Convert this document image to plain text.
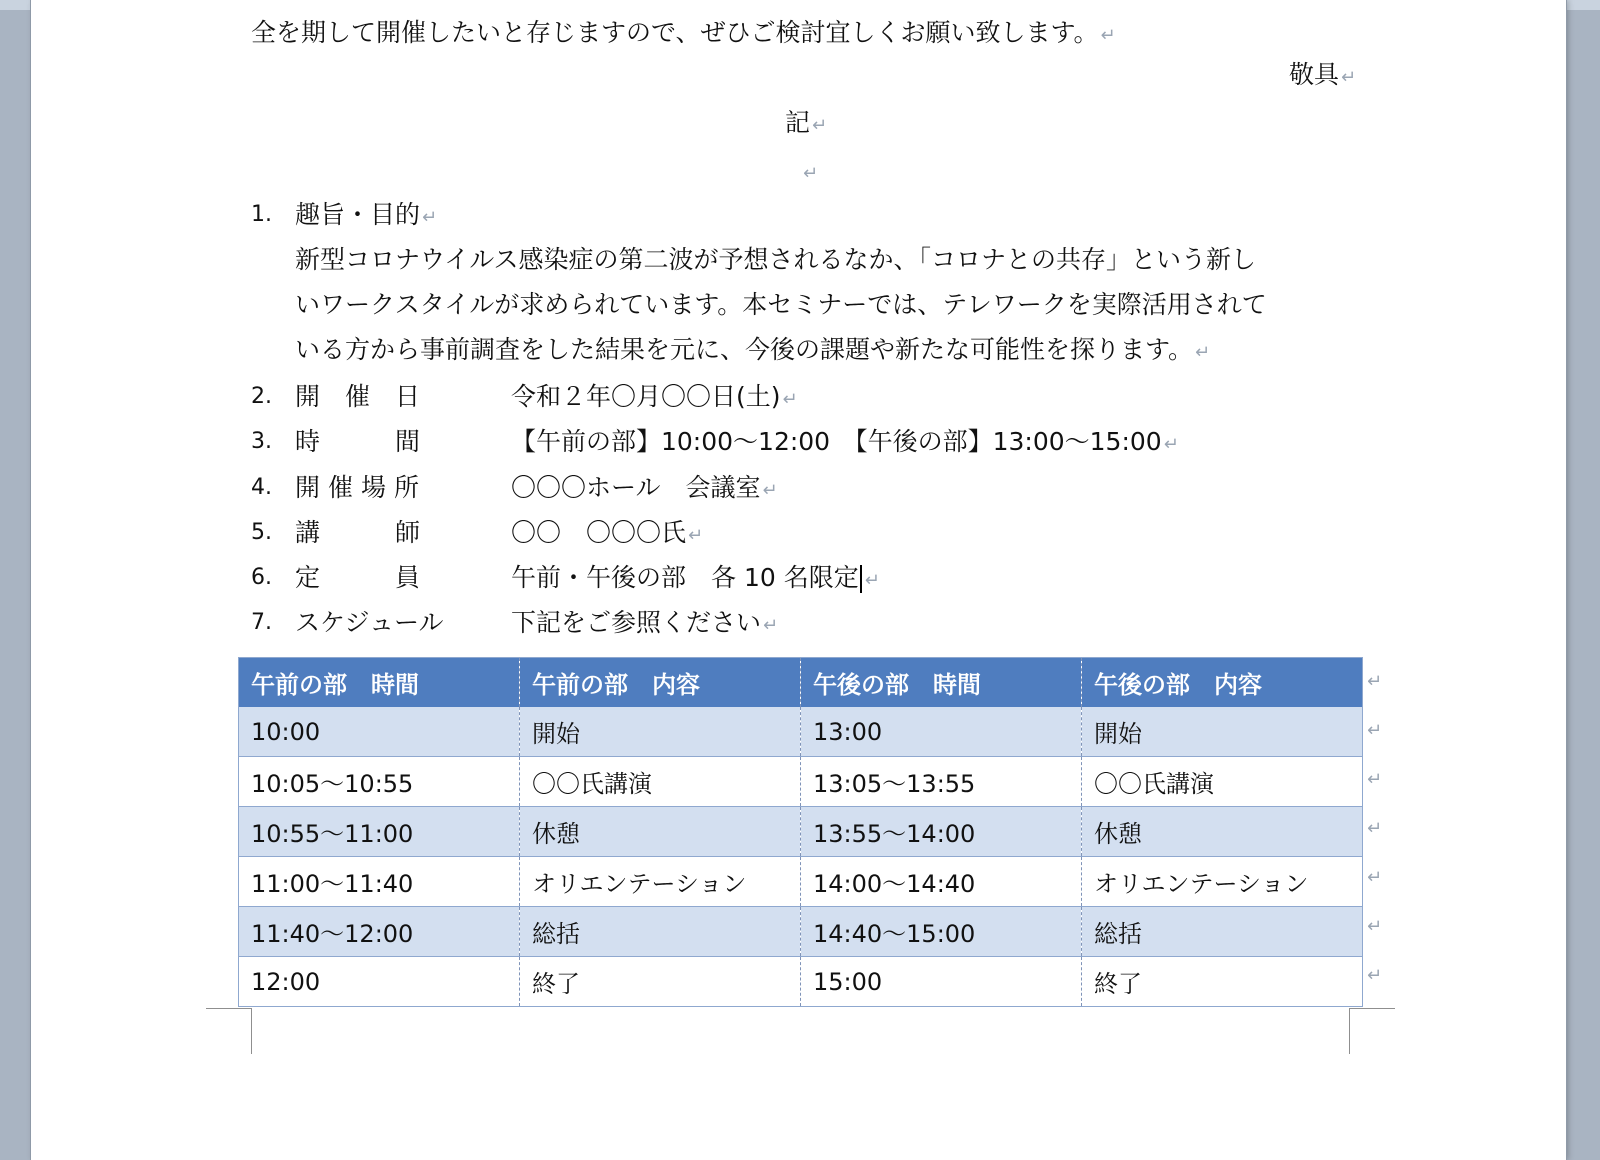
全を期して開催したいと存じますので、ぜひご検討宜しくお願い致します。 ↵
敬具 ↵
記 ↵
↵
1. 趣旨・目的 ↵
新型コロナウイルス感染症の第二波が予想されるなか、「コロナとの共存」という新し
いワークスタイルが求められています。本セミナーでは、テレワークを実際活用されて
いる方から事前調査をした結果を元に、今後の課題や新たな可能性を探ります。 ↵
2. 開　催　日	令和２年〇月〇〇日(土) ↵
3. 時　　　間	【午前の部】10:00～12:00　【午後の部】13:00～15:00 ↵
4. 開催場所	〇〇〇ホール　会議室 ↵
5. 講　　　師	〇〇　〇〇〇氏 ↵
6. 定　　　員	午前・午後の部　各 10 名限定 ↵
7. スケジュール	下記をご参照ください ↵
午前の部　時間	午前の部　内容	午後の部　時間	午後の部　内容
10:00	開始	13:00	開始
10:05～10:55	〇〇氏講演	13:05～13:55	〇〇氏講演
10:55～11:00	休憩	13:55～14:00	休憩
11:00～11:40	オリエンテーション	14:00～14:40	オリエンテーション
11:40～12:00	総括	14:40～15:00	総括
12:00	終了	15:00	終了
↵
↵
↵
↵
↵
↵
↵
